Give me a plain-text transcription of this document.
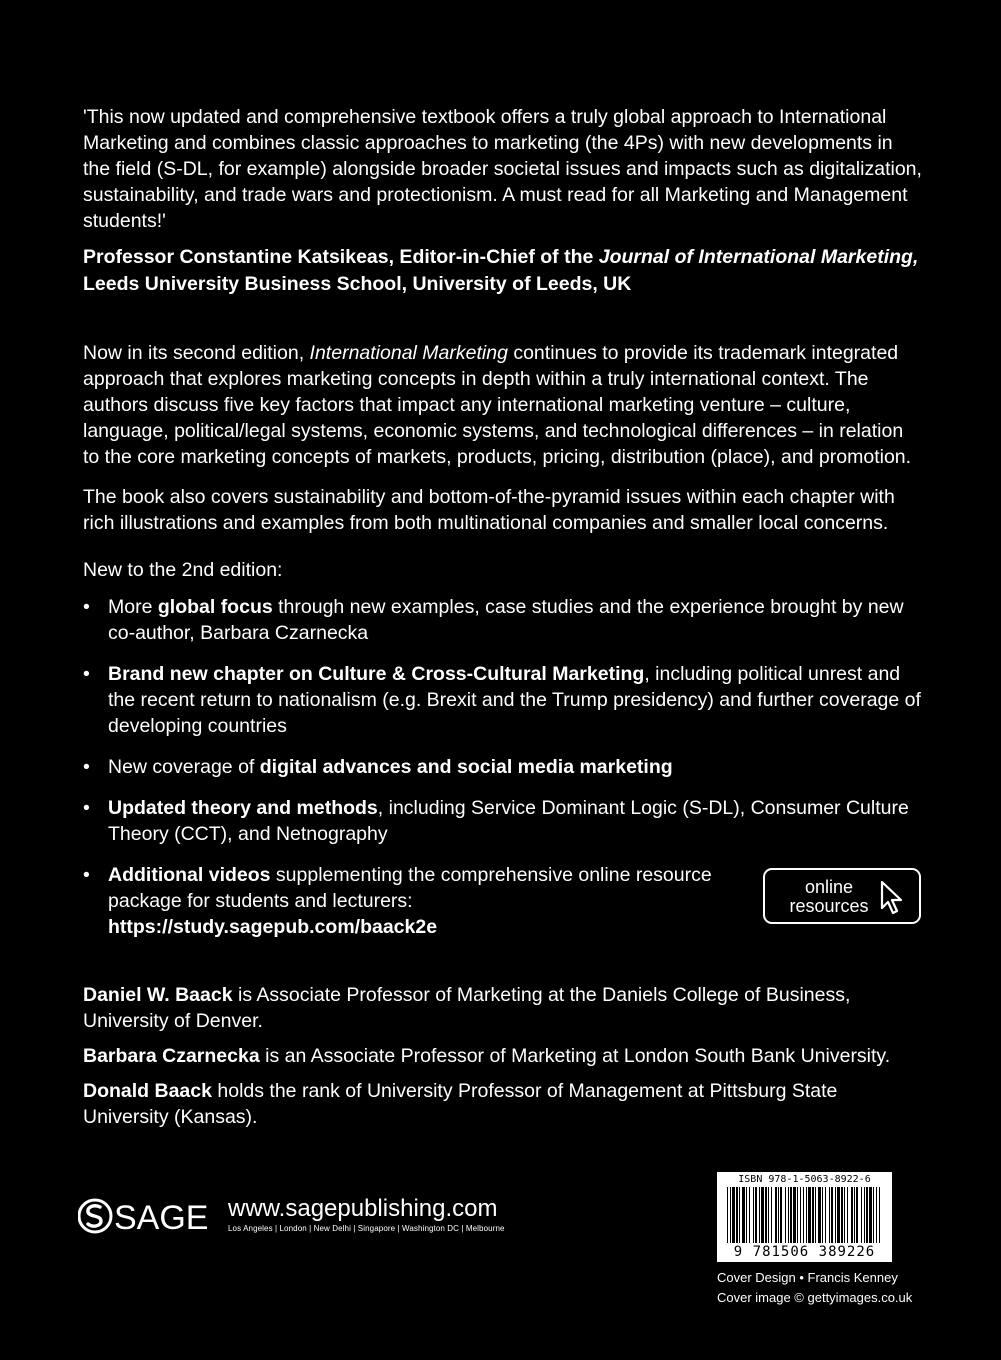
'This now updated and comprehensive textbook offers a truly global approach to International Marketing and combines classic approaches to marketing (the 4Ps) with new developments in the field (S-DL, for example) alongside broader societal issues and impacts such as digitalization, sustainability, and trade wars and protectionism. A must read for all Marketing and Management students!'

Professor Constantine Katsikeas, Editor-in-Chief of the Journal of International Marketing,
Leeds University Business School, University of Leeds, UK

Now in its second edition, International Marketing continues to provide its trademark integrated approach that explores marketing concepts in depth within a truly international context. The authors discuss five key factors that impact any international marketing venture – culture, language, political/legal systems, economic systems, and technological differences – in relation to the core marketing concepts of markets, products, pricing, distribution (place), and promotion.

The book also covers sustainability and bottom-of-the-pyramid issues within each chapter with rich illustrations and examples from both multinational companies and smaller local concerns.

New to the 2nd edition:

• More global focus through new examples, case studies and the experience brought by new co-author, Barbara Czarnecka
• Brand new chapter on Culture & Cross-Cultural Marketing, including political unrest and the recent return to nationalism (e.g. Brexit and the Trump presidency) and further coverage of developing countries
• New coverage of digital advances and social media marketing
• Updated theory and methods, including Service Dominant Logic (S-DL), Consumer Culture Theory (CCT), and Netnography
• Additional videos supplementing the comprehensive online resource package for students and lecturers:
https://study.sagepub.com/baack2e
online
resources

Daniel W. Baack is Associate Professor of Marketing at the Daniels College of Business, University of Denver.

Barbara Czarnecka is an Associate Professor of Marketing at London South Bank University.

Donald Baack holds the rank of University Professor of Management at Pittsburg State University (Kansas).

SAGE www.sagepublishing.com
Los Angeles | London | New Delhi | Singapore | Washington DC | Melbourne
ISBN 978-1-5063-8922-6
9 781506 389226
Cover Design • Francis Kenney
Cover image © gettyimages.co.uk
